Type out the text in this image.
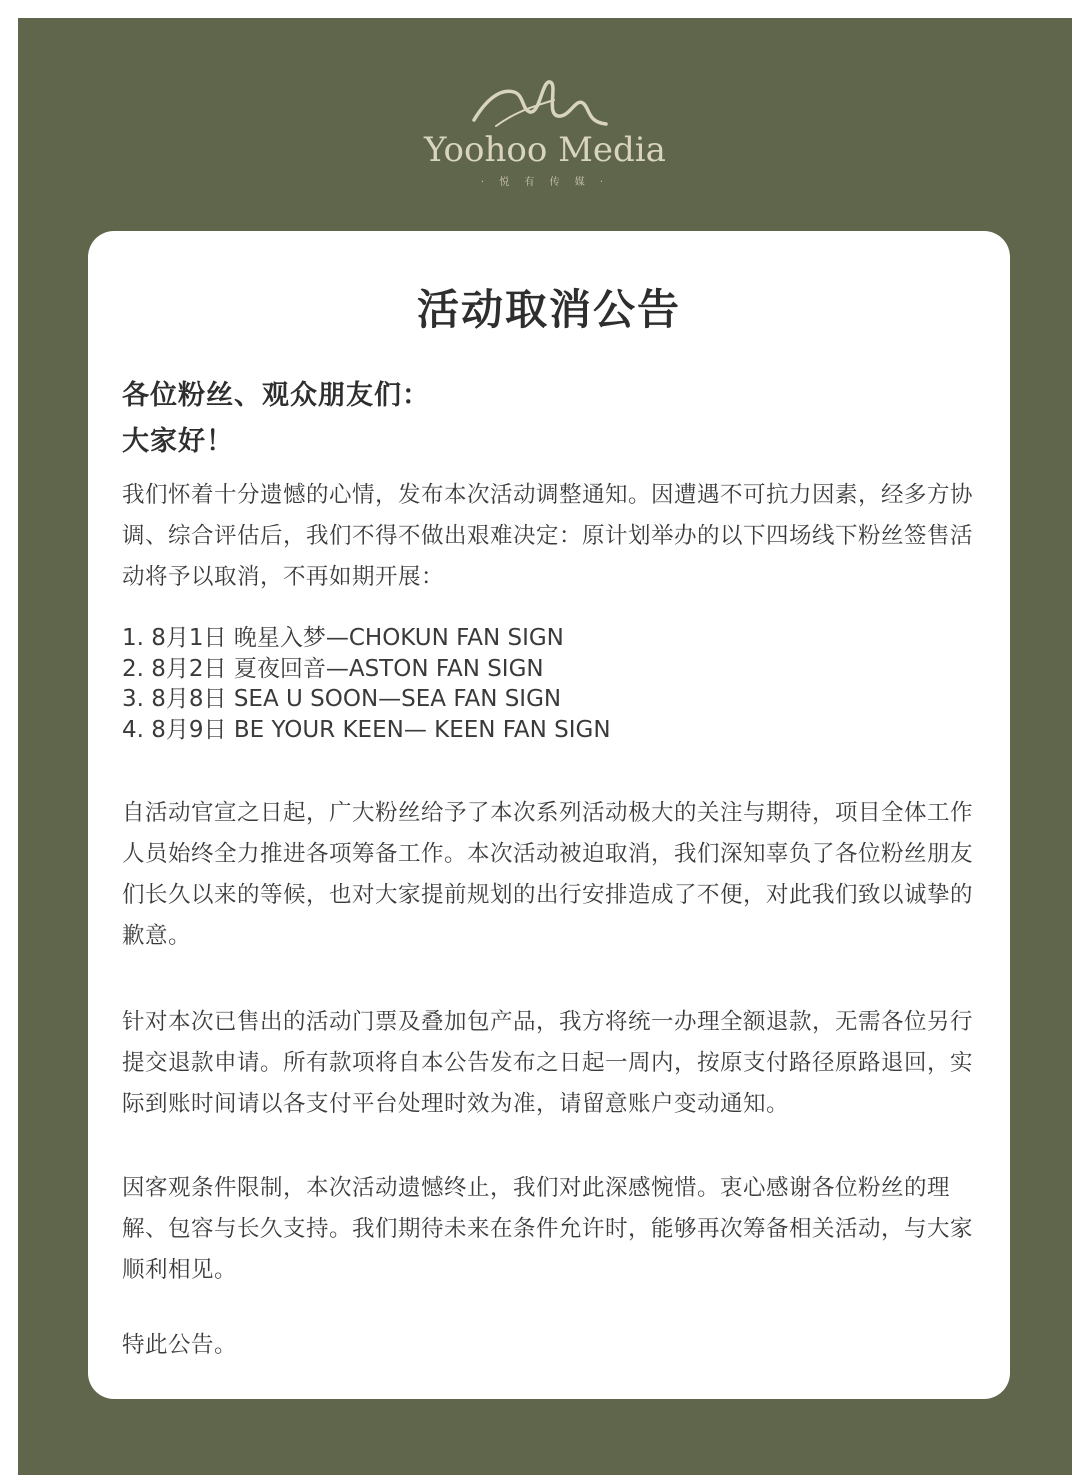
Yoohoo Media
· 悦 有 传 媒 ·
活动取消公告
各位粉丝、观众朋友们：
大家好！

我们怀着十分遗憾的心情，发布本次活动调整通知。因遭遇不可抗力因素，经多方协调、综合评估后，我们不得不做出艰难决定：原计划举办的以下四场线下粉丝签售活动将予以取消，不再如期开展：

1. 8月1日 晚星入梦—CHOKUN FAN SIGN
2. 8月2日 夏夜回音—ASTON FAN SIGN
3. 8月8日 SEA U SOON—SEA FAN SIGN
4. 8月9日 BE YOUR KEEN— KEEN FAN SIGN

自活动官宣之日起，广大粉丝给予了本次系列活动极大的关注与期待，项目全体工作人员始终全力推进各项筹备工作。本次活动被迫取消，我们深知辜负了各位粉丝朋友们长久以来的等候，也对大家提前规划的出行安排造成了不便，对此我们致以诚挚的歉意。

针对本次已售出的活动门票及叠加包产品，我方将统一办理全额退款，无需各位另行提交退款申请。所有款项将自本公告发布之日起一周内，按原支付路径原路退回，实际到账时间请以各支付平台处理时效为准，请留意账户变动通知。

因客观条件限制，本次活动遗憾终止，我们对此深感惋惜。衷心感谢各位粉丝的理解、包容与长久支持。我们期待未来在条件允许时，能够再次筹备相关活动，与大家顺利相见。

特此公告。
